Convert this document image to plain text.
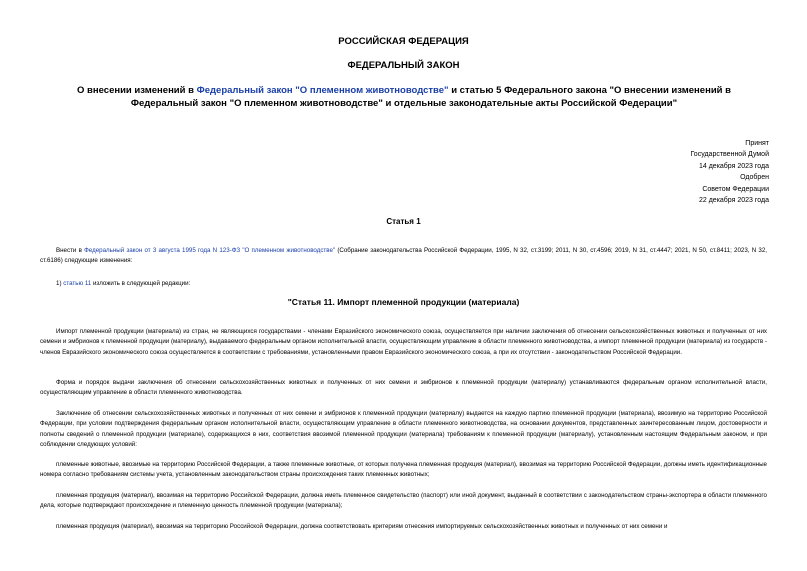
РОССИЙСКАЯ ФЕДЕРАЦИЯ
ФЕДЕРАЛЬНЫЙ ЗАКОН
О внесении изменений в Федеральный закон "О племенном животноводстве" и статью 5 Федерального закона "О внесении изменений в Федеральный закон "О племенном животноводстве" и отдельные законодательные акты Российской Федерации"
Принят
Государственной Думой
14 декабря 2023 года
Одобрен
Советом Федерации
22 декабря 2023 года
Статья 1
Внести в Федеральный закон от 3 августа 1995 года N 123-ФЗ "О племенном животноводстве" (Собрание законодательства Российской Федерации, 1995, N 32, ст.3199; 2011, N 30, ст.4596; 2019, N 31, ст.4447; 2021, N 50, ст.8411; 2023, N 32, ст.6186) следующие изменения:
1) статью 11 изложить в следующей редакции:
"Статья 11. Импорт племенной продукции (материала)
Импорт племенной продукции (материала) из стран, не являющихся государствами - членами Евразийского экономического союза, осуществляется при наличии заключения об отнесении сельскохозяйственных животных и полученных от них семени и эмбрионов к племенной продукции (материалу), выдаваемого федеральным органом исполнительной власти, осуществляющим управление в области племенного животноводства, а импорт племенной продукции (материала) из государств - членов Евразийского экономического союза осуществляется в соответствии с требованиями, установленными правом Евразийского экономического союза, а при их отсутствии - законодательством Российской Федерации.
Форма и порядок выдачи заключения об отнесении сельскохозяйственных животных и полученных от них семени и эмбрионов к племенной продукции (материалу) устанавливаются федеральным органом исполнительной власти, осуществляющим управление в области племенного животноводства.
Заключение об отнесении сельскохозяйственных животных и полученных от них семени и эмбрионов к племенной продукции (материалу) выдается на каждую партию племенной продукции (материала), ввозимую на территорию Российской Федерации, при условии подтверждения федеральным органом исполнительной власти, осуществляющим управление в области племенного животноводства, на основании документов, представленных заинтересованным лицом, достоверности и полноты сведений о племенной продукции (материале), содержащихся в них, соответствия ввозимой племенной продукции (материала) требованиям к племенной продукции (материалу), установленным настоящим Федеральным законом, и при соблюдении следующих условий:
племенные животные, ввозимые на территорию Российской Федерации, а также племенные животные, от которых получена племенная продукция (материал), ввозимая на территорию Российской Федерации, должны иметь идентификационные номера согласно требованиям системы учета, установленным законодательством страны происхождения таких племенных животных;
племенная продукция (материал), ввозимая на территорию Российской Федерации, должна иметь племенное свидетельство (паспорт) или иной документ, выданный в соответствии с законодательством страны-экспортера в области племенного дела, которые подтверждают происхождение и племенную ценность племенной продукции (материала);
племенная продукция (материал), ввозимая на территорию Российской Федерации, должна соответствовать критериям отнесения импортируемых сельскохозяйственных животных и полученных от них семени и
